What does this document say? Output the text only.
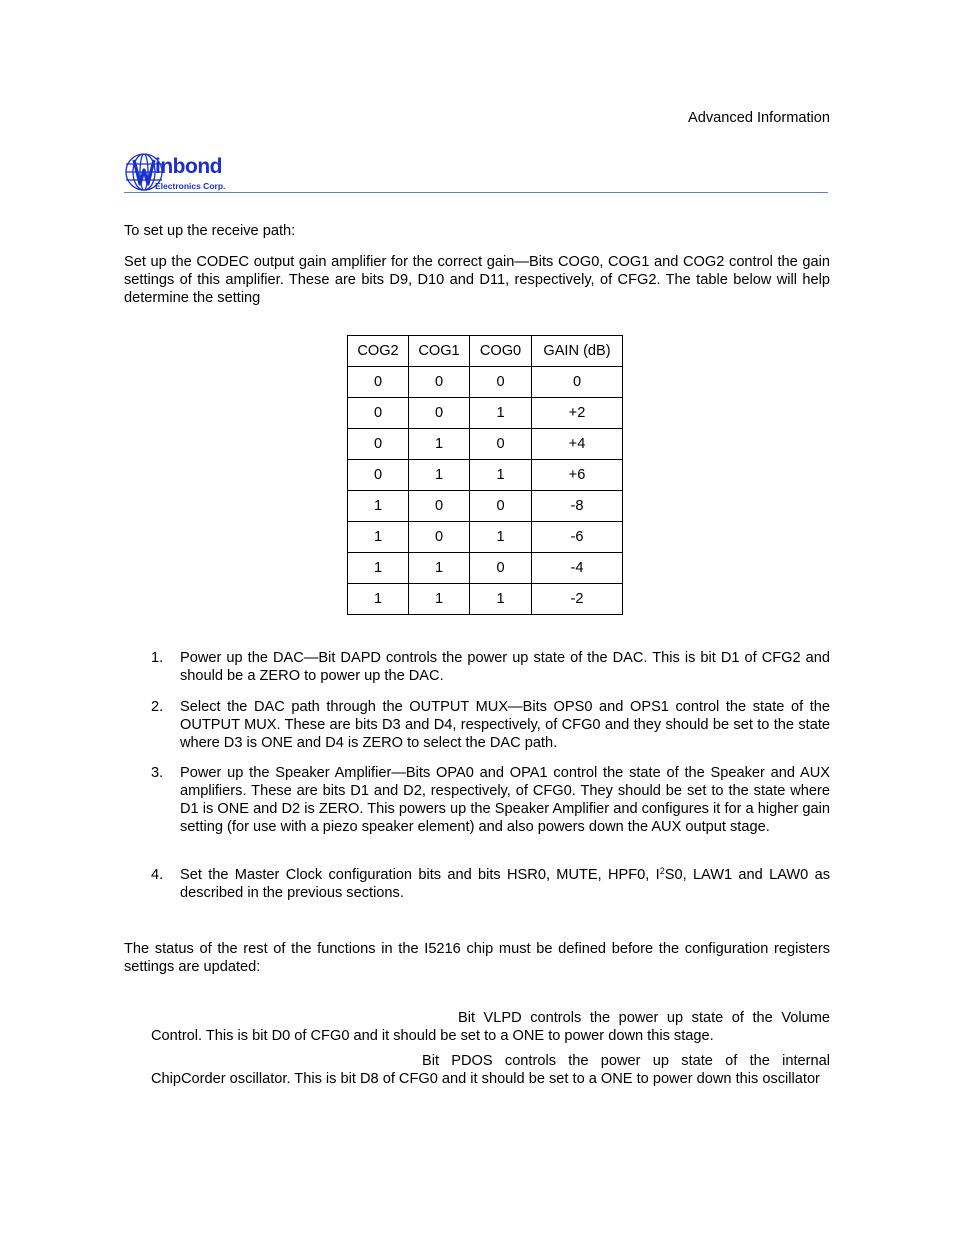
Advanced Information
inbond
Electronics Corp.
To set up the receive path:
Set up the CODEC output gain amplifier for the correct gain—Bits COG0, COG1 and COG2 control the gain settings of this amplifier. These are bits D9, D10 and D11, respectively, of CFG2. The table below will help determine the setting
COG2	COG1	COG0	GAIN (dB)
0	0	0	0
0	0	1	+2
0	1	0	+4
0	1	1	+6
1	0	0	-8
1	0	1	-6
1	1	0	-4
1	1	1	-2
1.	Power up the DAC—Bit DAPD controls the power up state of the DAC. This is bit D1 of CFG2 and should be a ZERO to power up the DAC.
2.	Select the DAC path through the OUTPUT MUX—Bits OPS0 and OPS1 control the state of the OUTPUT MUX. These are bits D3 and D4, respectively, of CFG0 and they should be set to the state where D3 is ONE and D4 is ZERO to select the DAC path.
3.	Power up the Speaker Amplifier—Bits OPA0 and OPA1 control the state of the Speaker and AUX amplifiers. These are bits D1 and D2, respectively, of CFG0. They should be set to the state where D1 is ONE and D2 is ZERO. This powers up the Speaker Amplifier and configures it for a higher gain setting (for use with a piezo speaker element) and also powers down the AUX output stage.
4.	Set the Master Clock configuration bits and bits HSR0, MUTE, HPF0, $I^2S0$, LAW1 and LAW0 as described in the previous sections.
The status of the rest of the functions in the I5216 chip must be defined before the configuration registers settings are updated:
Bit VLPD controls the power up state of the Volume Control. This is bit D0 of CFG0 and it should be set to a ONE to power down this stage.
Bit PDOS controls the power up state of the internal ChipCorder oscillator. This is bit D8 of CFG0 and it should be set to a ONE to power down this oscillator
